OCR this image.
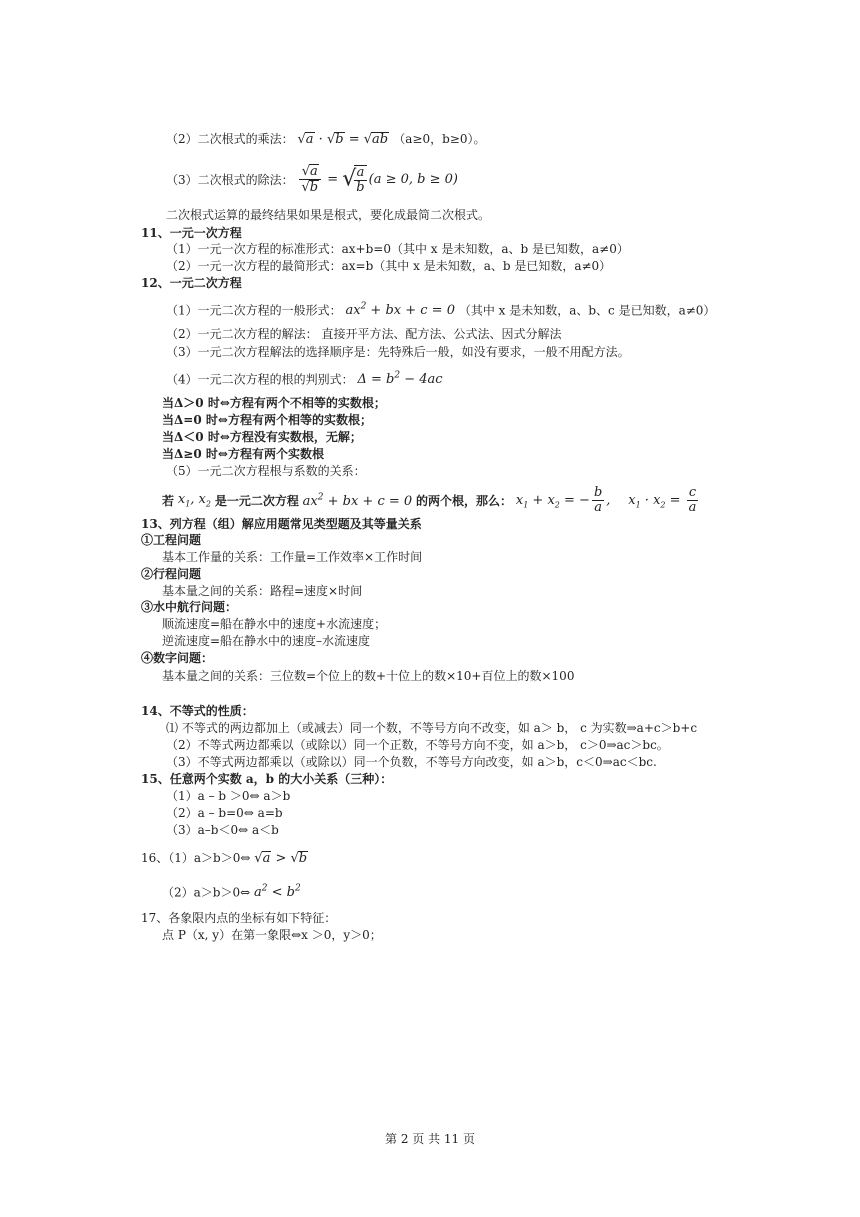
（2）二次根式的乘法： √a · √b = √ab （a≥0，b≥0）。
（3）二次根式的除法： $\frac{√a}{√b}$ = √
$\frac{a}{b} (a \ge 0$, b ≥ 0)
二次根式运算的最终结果如果是根式，要化成最简二次根式。
11、一元一次方程
（1）一元一次方程的标准形式：ax+b=0（其中 x 是未知数，a、b 是已知数，a≠0）
（2）一元一次方程的最简形式：ax=b（其中 x 是未知数，a、b 是已知数，a≠0）
12、一元二次方程
（1）一元二次方程的一般形式： $ax^2$ + bx + c = 0 （其中 x 是未知数，a、b、c 是已知数，a≠0）
（2）一元二次方程的解法： 直接开平方法、配方法、公式法、因式分解法
（3）一元二次方程解法的选择顺序是：先特殊后一般，如没有要求，一般不用配方法。
（4）一元二次方程的根的判别式： $\Delta = b^2 - 4ac$
当Δ＞0 时⇔方程有两个不相等的实数根；
当Δ=0 时⇔方程有两个相等的实数根；
当Δ＜0 时⇔方程没有实数根，无解；
当Δ≥0 时⇔方程有两个实数根
（5）一元二次方程根与系数的关系：
若 $x_1$, $x_2$ 是一元二次方程 $ax^2$ + bx + c = 0 的两个根，那么： $x_1 + x_2$ = − $\frac{b}{a}$ , $x_1 \cdot x_2 = \frac{c}{a}$
13、列方程（组）解应用题常见类型题及其等量关系
①工程问题
基本工作量的关系：工作量=工作效率×工作时间
②行程问题
基本量之间的关系：路程=速度×时间
③水中航行问题：
顺流速度=船在静水中的速度+水流速度；
逆流速度=船在静水中的速度–水流速度
④数字问题：
基本量之间的关系：三位数=个位上的数+十位上的数×10+百位上的数×100
14、不等式的性质：
⑴ 不等式的两边都加上（或减去）同一个数，不等号方向不改变，如 a＞ b， c 为实数⇒a+c＞b+c
（2）不等式两边都乘以（或除以）同一个正数，不等号方向不变，如 a＞b， c＞0⇒ac＞bc。
（3）不等式两边都乘以（或除以）同一个负数，不等号方向改变，如 a＞b，c＜0⇒ac＜bc.
15、任意两个实数 a，b 的大小关系（三种）：
（1）a – b ＞0⇔ a＞b
（2）a – b=0⇔ a=b
（3）a–b＜0⇔ a＜b
16、（1）a＞b＞0⇔ √a > √b
（2）a＞b＞0⇔ $a^2 < b^2$
17、各象限内点的坐标有如下特征：
点 P（x, y）在第一象限⇔x ＞0，y＞0；
第 2 页 共 11 页
